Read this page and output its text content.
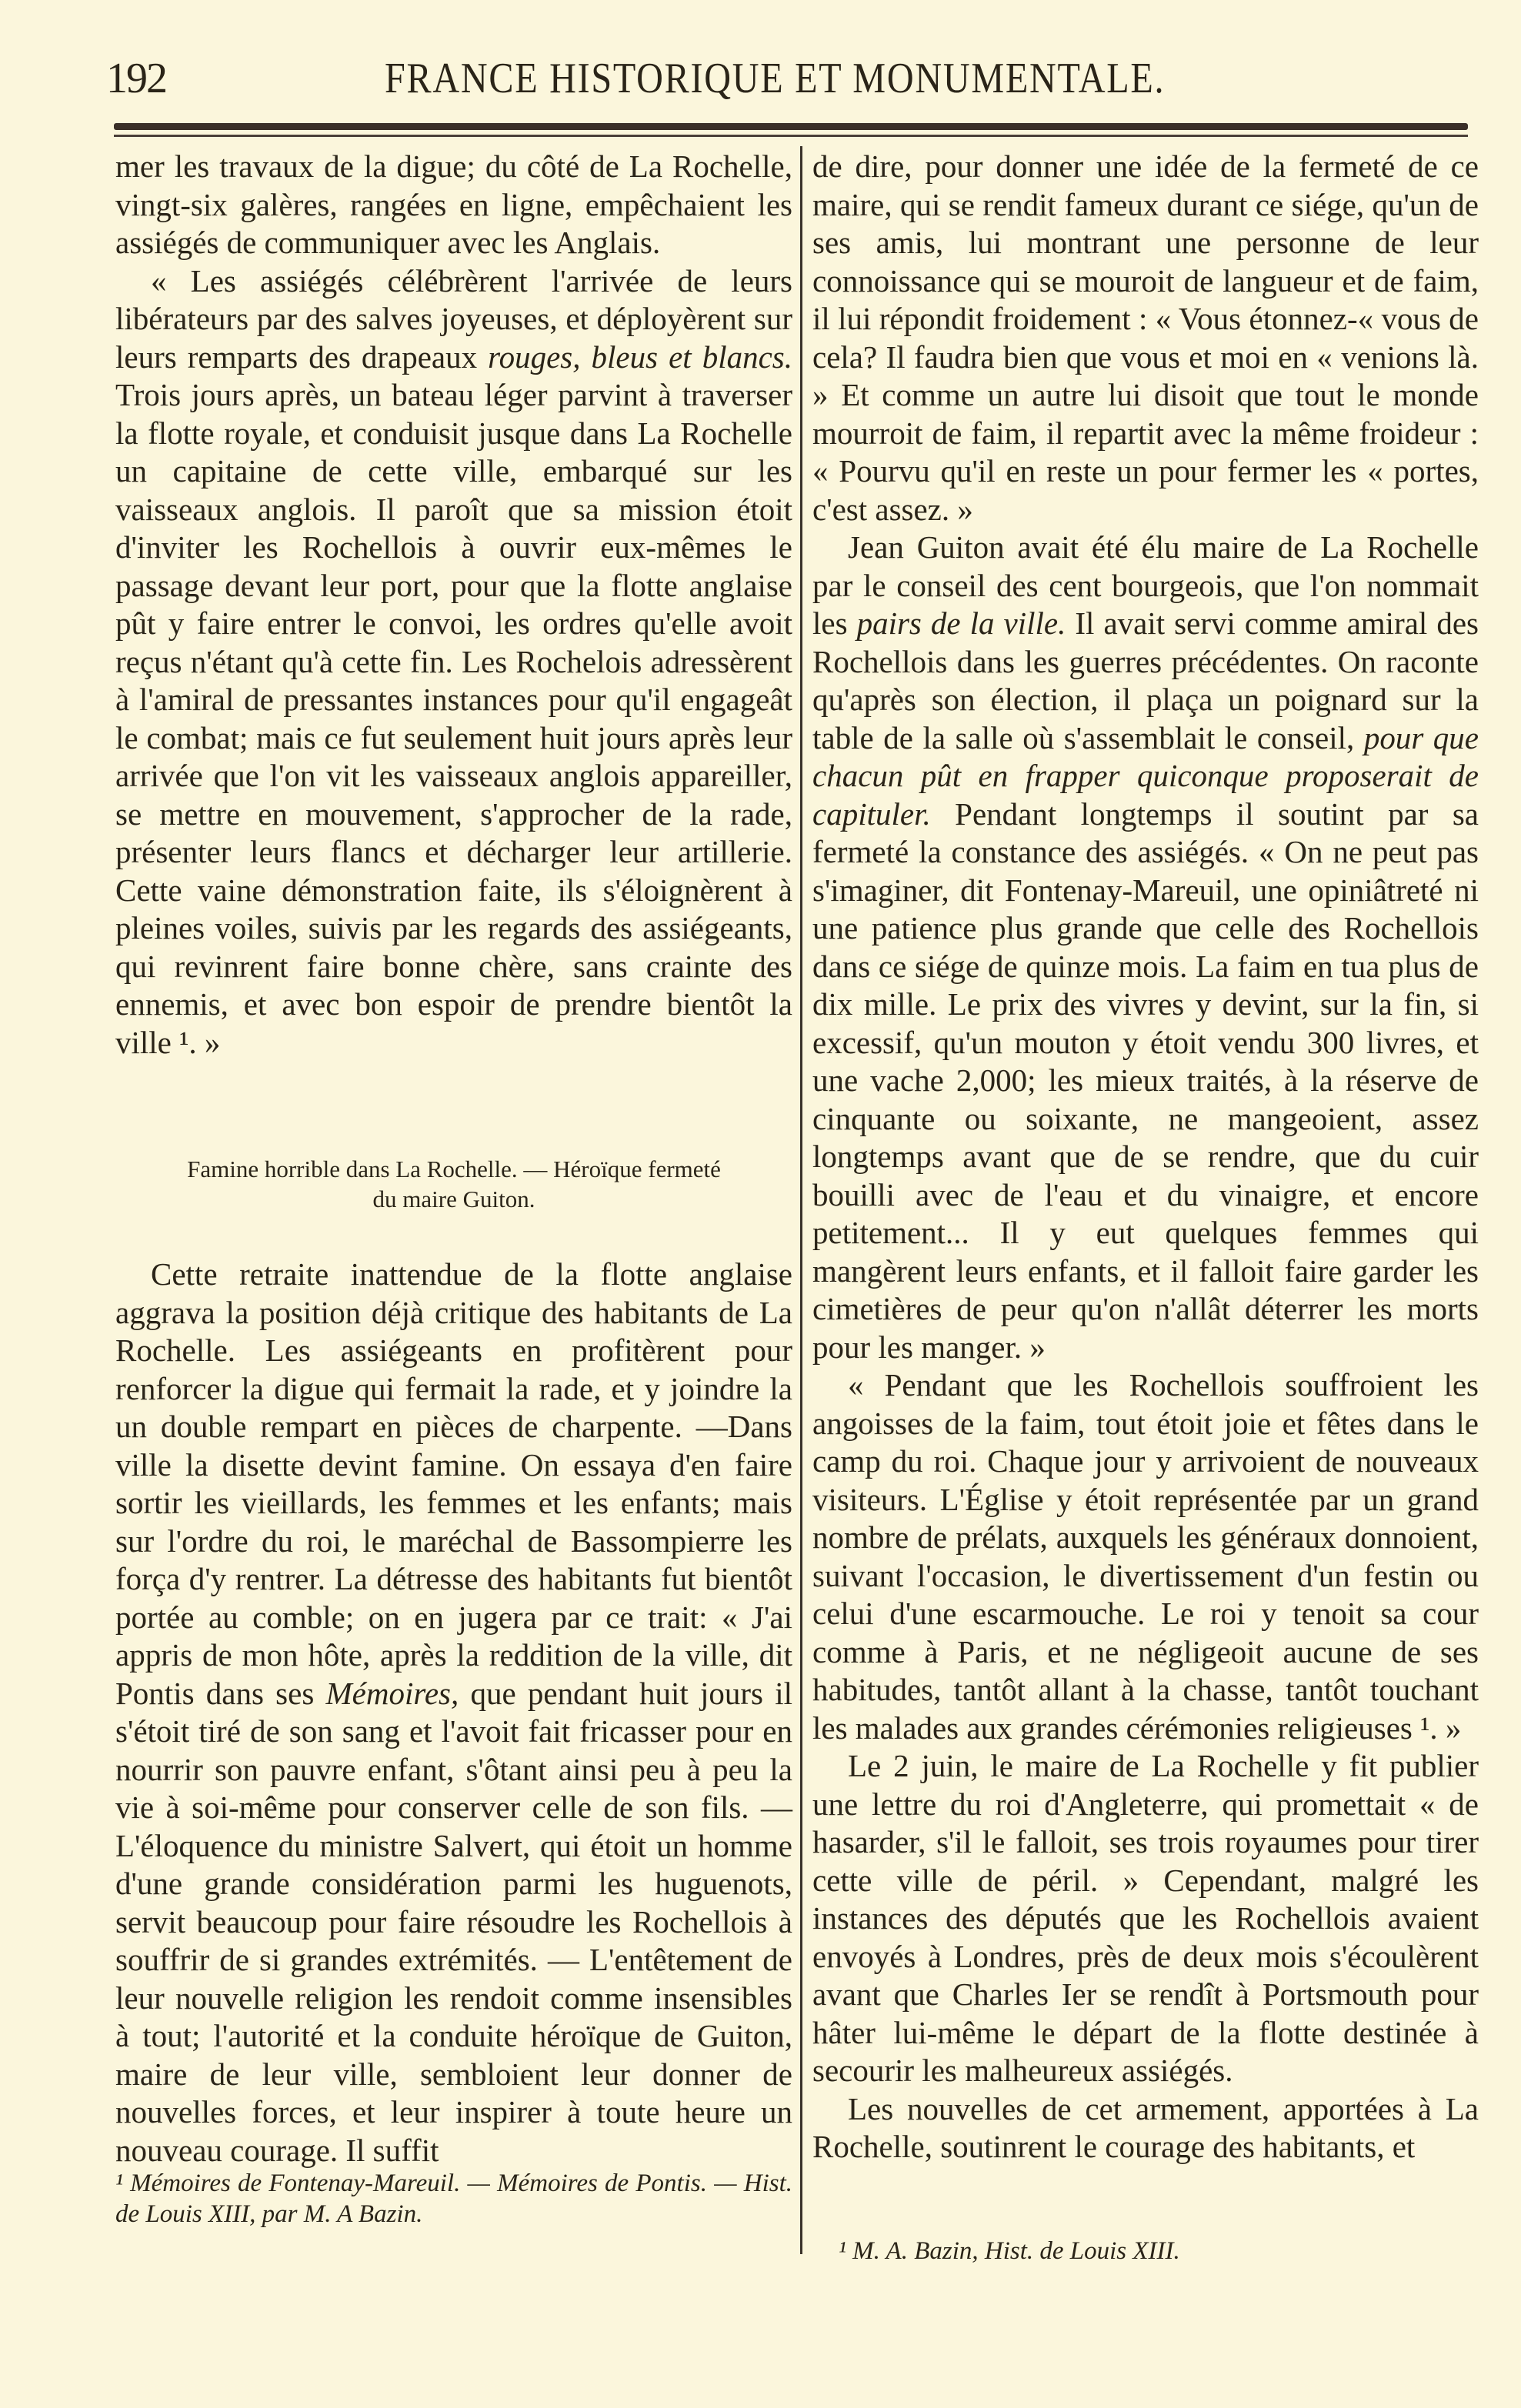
192	FRANCE HISTORIQUE ET MONUMENTALE.

mer les travaux de la digue; du côté de La Rochelle, vingt-six galères, rangées en ligne, empêchaient les assiégés de communiquer avec les Anglais.

« Les assiégés célébrèrent l'arrivée de leurs libérateurs par des salves joyeuses, et déployèrent sur leurs remparts des drapeaux rouges, bleus et blancs. Trois jours après, un bateau léger parvint à traverser la flotte royale, et conduisit jusque dans La Rochelle un capitaine de cette ville, embarqué sur les vaisseaux anglois. Il paroît que sa mission étoit d'inviter les Rochellois à ouvrir eux-mêmes le passage devant leur port, pour que la flotte anglaise pût y faire entrer le convoi, les ordres qu'elle avoit reçus n'étant qu'à cette fin. Les Rochelois adressèrent à l'amiral de pressantes instances pour qu'il engageât le combat; mais ce fut seulement huit jours après leur arrivée que l'on vit les vaisseaux anglois appareiller, se mettre en mouvement, s'approcher de la rade, présenter leurs flancs et décharger leur artillerie. Cette vaine démonstration faite, ils s'éloignèrent à pleines voiles, suivis par les regards des assiégeants, qui revinrent faire bonne chère, sans crainte des ennemis, et avec bon espoir de prendre bientôt la ville ¹. »

Famine horrible dans La Rochelle. — Héroïque fermeté
du maire Guiton.

Cette retraite inattendue de la flotte anglaise aggrava la position déjà critique des habitants de La Rochelle. Les assiégeants en profitèrent pour renforcer la digue qui fermait la rade, et y joindre la un double rempart en pièces de charpente. —Dans ville la disette devint famine. On essaya d'en faire sortir les vieillards, les femmes et les enfants; mais sur l'ordre du roi, le maréchal de Bassompierre les força d'y rentrer. La détresse des habitants fut bientôt portée au comble; on en jugera par ce trait: « J'ai appris de mon hôte, après la reddition de la ville, dit Pontis dans ses Mémoires, que pendant huit jours il s'étoit tiré de son sang et l'avoit fait fricasser pour en nourrir son pauvre enfant, s'ôtant ainsi peu à peu la vie à soi-même pour conserver celle de son fils. — L'éloquence du ministre Salvert, qui étoit un homme d'une grande considération parmi les huguenots, servit beaucoup pour faire résoudre les Rochellois à souffrir de si grandes extrémités. — L'entêtement de leur nouvelle religion les rendoit comme insensibles à tout; l'autorité et la conduite héroïque de Guiton, maire de leur ville, sembloient leur donner de nouvelles forces, et leur inspirer à toute heure un nouveau courage. Il suffit

¹ Mémoires de Fontenay-Mareuil. — Mémoires de Pontis. — Hist. de Louis XIII, par M. A Bazin.

de dire, pour donner une idée de la fermeté de ce maire, qui se rendit fameux durant ce siége, qu'un de ses amis, lui montrant une personne de leur connoissance qui se mouroit de langueur et de faim, il lui répondit froidement : « Vous étonnez-« vous de cela? Il faudra bien que vous et moi en « venions là. » Et comme un autre lui disoit que tout le monde mourroit de faim, il repartit avec la même froideur : « Pourvu qu'il en reste un pour fermer les « portes, c'est assez. »

Jean Guiton avait été élu maire de La Rochelle par le conseil des cent bourgeois, que l'on nommait les pairs de la ville. Il avait servi comme amiral des Rochellois dans les guerres précédentes. On raconte qu'après son élection, il plaça un poignard sur la table de la salle où s'assemblait le conseil, pour que chacun pût en frapper quiconque proposerait de capituler. Pendant longtemps il soutint par sa fermeté la constance des assiégés. « On ne peut pas s'imaginer, dit Fontenay-Mareuil, une opiniâtreté ni une patience plus grande que celle des Rochellois dans ce siége de quinze mois. La faim en tua plus de dix mille. Le prix des vivres y devint, sur la fin, si excessif, qu'un mouton y étoit vendu 300 livres, et une vache 2,000; les mieux traités, à la réserve de cinquante ou soixante, ne mangeoient, assez longtemps avant que de se rendre, que du cuir bouilli avec de l'eau et du vinaigre, et encore petitement... Il y eut quelques femmes qui mangèrent leurs enfants, et il falloit faire garder les cimetières de peur qu'on n'allât déterrer les morts pour les manger. »

« Pendant que les Rochellois souffroient les angoisses de la faim, tout étoit joie et fêtes dans le camp du roi. Chaque jour y arrivoient de nouveaux visiteurs. L'Église y étoit représentée par un grand nombre de prélats, auxquels les généraux donnoient, suivant l'occasion, le divertissement d'un festin ou celui d'une escarmouche. Le roi y tenoit sa cour comme à Paris, et ne négligeoit aucune de ses habitudes, tantôt allant à la chasse, tantôt touchant les malades aux grandes cérémonies religieuses ¹. »

Le 2 juin, le maire de La Rochelle y fit publier une lettre du roi d'Angleterre, qui promettait « de hasarder, s'il le falloit, ses trois royaumes pour tirer cette ville de péril. » Cependant, malgré les instances des députés que les Rochellois avaient envoyés à Londres, près de deux mois s'écoulèrent avant que Charles Ier se rendît à Portsmouth pour hâter lui-même le départ de la flotte destinée à secourir les malheureux assiégés.

Les nouvelles de cet armement, apportées à La Rochelle, soutinrent le courage des habitants, et

¹ M. A. Bazin, Hist. de Louis XIII.
